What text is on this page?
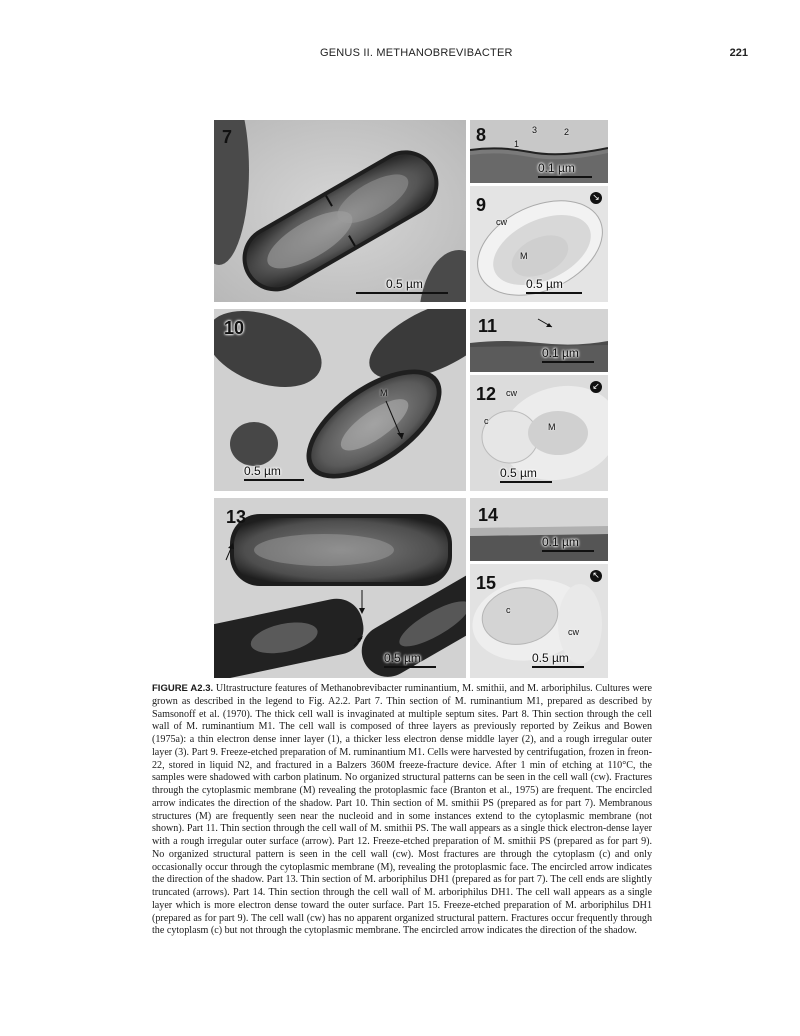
GENUS II. METHANOBREVIBACTER	221
7
0.5 µm
8	3	2
1
0.1 µm
9	↘
cw
M
0.5 µm
10
M
0.5 µm
11
0.1 µm
12	↙
cw
c
M
0.5 µm
13
0.5 µm
14
0.1 µm
15	↖
c
cw
0.5 µm
FIGURE A2.3. Ultrastructure features of Methanobrevibacter ruminantium, M. smithii, and M. arboriphilus. Cultures were grown as described in the legend to Fig. A2.2. Part 7. Thin section of M. ruminantium M1, prepared as described by Samsonoff et al. (1970). The thick cell wall is invaginated at multiple septum sites. Part 8. Thin section through the cell wall of M. ruminantium M1. The cell wall is composed of three layers as previously reported by Zeikus and Bowen (1975a): a thin electron dense inner layer (1), a thicker less electron dense middle layer (2), and a rough irregular outer layer (3). Part 9. Freeze-etched preparation of M. ruminantium M1. Cells were harvested by centrifugation, frozen in freon-22, stored in liquid N2, and fractured in a Balzers 360M freeze-fracture device. After 1 min of etching at 110°C, the samples were shadowed with carbon platinum. No organized structural patterns can be seen in the cell wall (cw). Fractures through the cytoplasmic membrane (M) revealing the protoplasmic face (Branton et al., 1975) are frequent. The encircled arrow indicates the direction of the shadow. Part 10. Thin section of M. smithii PS (prepared as for part 7). Membranous structures (M) are frequently seen near the nucleoid and in some instances extend to the cytoplasmic membrane (not shown). Part 11. Thin section through the cell wall of M. smithii PS. The wall appears as a single thick electron-dense layer with a rough irregular outer surface (arrow). Part 12. Freeze-etched preparation of M. smithii PS (prepared as for part 9). No organized structural pattern is seen in the cell wall (cw). Most fractures are through the cytoplasm (c) and only occasionally occur through the cytoplasmic membrane (M), revealing the protoplasmic face. The encircled arrow indicates the direction of the shadow. Part 13. Thin section of M. arboriphilus DH1 (prepared as for part 7). The cell ends are slightly truncated (arrows). Part 14. Thin section through the cell wall of M. arboriphilus DH1. The cell wall appears as a single layer which is more electron dense toward the outer surface. Part 15. Freeze-etched preparation of M. arboriphilus DH1 (prepared as for part 9). The cell wall (cw) has no apparent organized structural pattern. Fractures occur frequently through the cytoplasm (c) but not through the cytoplasmic membrane. The encircled arrow indicates the direction of the shadow.
